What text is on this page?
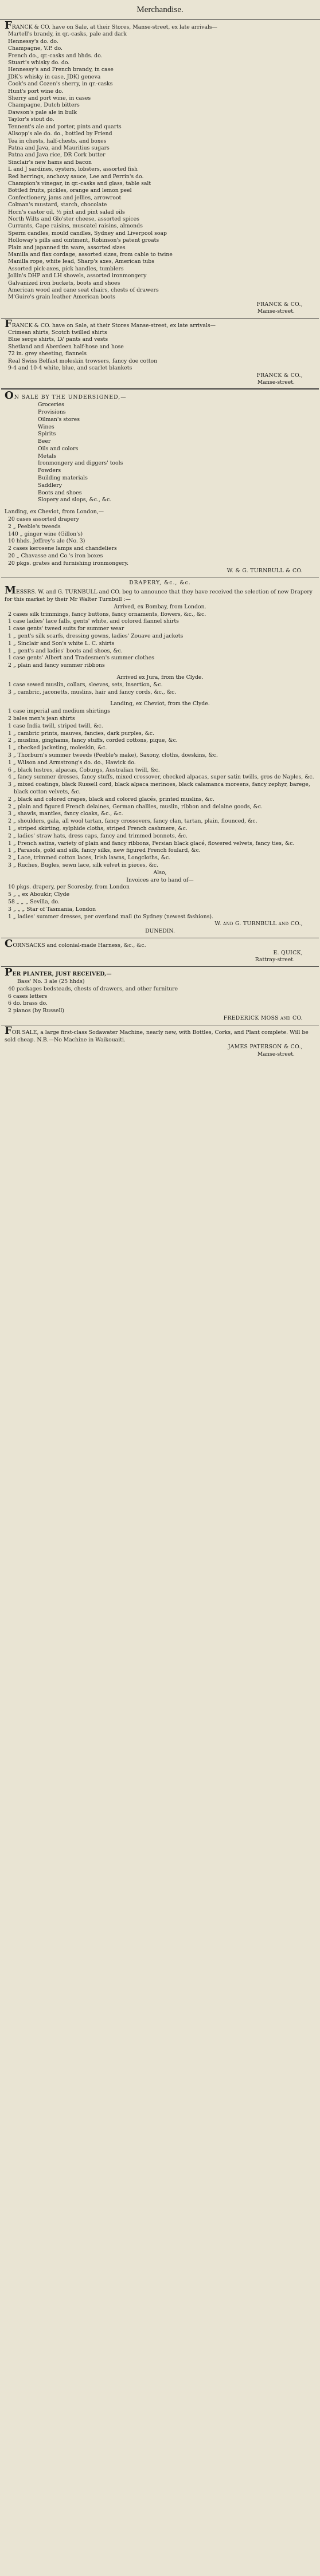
Merchandise.

FRANCK & CO. have on Sale, at their Stores, Manse-street, ex late arrivals—

Martell's brandy, in qr.-casks, pale and dark

Hennessy's do. do.

Champagne, V.P. do.

French do., qr.-casks and hhds. do.

Stuart's whisky do. do.

Hennessy's and French brandy, in case

JDK's whisky in case, JDK) geneva

Cook's and Cozen's sherry, in qr.-casks

Hunt's port wine do.

Sherry and port wine, in cases

Champagne, Dutch bitters

Dawson's pale ale in bulk

Taylor's stout do.

Tennent's ale and porter, pints and quarts

Allsopp's ale do. do., bottled by Friend

Tea in chests, half-chests, and boxes

Patna and Java, and Mauritius sugars

Patna and Java rice, DR Cork butter

Sinclair's new hams and bacon

L and J sardines, oysters, lobsters, assorted fish

Red herrings, anchovy sauce, Lee and Perrin's do.

Champion's vinegar, in qr.-casks and glass, table salt

Bottled fruits, pickles, orange and lemon peel

Confectionery, jams and jellies, arrowroot

Colman's mustard, starch, chocolate

Horn's castor oil, ½ pint and pint salad oils

North Wilts and Glo'ster cheese, assorted spices

Currants, Cape raisins, muscatel raisins, almonds

Sperm candles, mould candles, Sydney and Liverpool soap

Holloway's pills and ointment, Robinson's patent groats

Plain and japanned tin ware, assorted sizes

Manilla and flax cordage, assorted sizes, from cable to twine

Manilla rope, white lead, Sharp's axes, American tubs

Assorted pick-axes, pick handles, tumblers

Jollin's DHP and LH shovels, assorted ironmongery

Galvanized iron buckets, boots and shoes

American wood and cane seat chairs, chests of drawers

M'Guire's grain leather American boots

FRANCK & CO.,

Manse-street.

FRANCK & CO. have on Sale, at their Stores Manse-street, ex late arrivals—

Crimean shirts, Scotch twilled shirts

Blue serge shirts, LV pants and vests

Shetland and Aberdeen half-hose and hose

72 in. grey sheeting, flannels

Real Swiss Belfast moleskin trowsers, fancy doe cotton

9-4 and 10-4 white, blue, and scarlet blankets

FRANCK & CO.,

Manse-street.

ON SALE BY THE UNDERSIGNED,—

Groceries

Provisions

Oilman's stores

Wines

Spirits

Beer

Oils and colors

Metals

Ironmongery and diggers' tools

Powders

Building materials

Saddlery

Boots and shoes

Slopery and slops, &c., &c.

Landing, ex Cheviot, from London,—

20 cases assorted drapery

2 „ Peeble's tweeds

140 „ ginger wine (Gillon's)

10 hhds. Jeffrey's ale (No. 3)

2 cases kerosene lamps and chandeliers

20 „ Chavasse and Co.'s iron boxes

20 pkgs. grates and furnishing ironmongery.

W. & G. TURNBULL & CO.

DRAPERY, &c., &c.

MESSRS. W. and G. TURNBULL and CO. beg to announce that they have received the selection of new Drapery for this market by their Mr Walter Turnbull :—

Arrived, ex Bombay, from London.

2 cases silk trimmings, fancy buttons, fancy ornaments, flowers, &c., &c.

1 case ladies' lace falls, gents' white, and colored flannel shirts

1 case gents' tweed suits for summer wear

1 „ gent's silk scarfs, dressing gowns, ladies' Zouave and jackets

1 „ Sinclair and Son's white L. C. shirts

1 „ gent's and ladies' boots and shoes, &c.

1 case gents' Albert and Tradesmen's summer clothes

2 „ plain and fancy summer ribbons

Arrived ex Jura, from the Clyde.

1 case sewed muslin, collars, sleeves, sets, insertion, &c.

3 „ cambric, jaconetts, muslins, hair and fancy cords, &c., &c.

Landing, ex Cheviot, from the Clyde.

1 case imperial and medium shirtings

2 bales men's jean shirts

1 case India twill, striped twill, &c.

1 „ cambric prints, mauves, fancies, dark purples, &c.

2 „ muslins, ginghams, fancy stuffs, corded cottons, pique, &c.

1 „ checked jacketing, moleskin, &c.

3 „ Thorburn's summer tweeds (Peeble's make), Saxony, cloths, doeskins, &c.

1 „ Wilson and Armstrong's do. do., Hawick do.

6 „ black lustres, alpacas, Coburgs, Australian twill, &c.

4 „ fancy summer dresses, fancy stuffs, mixed crossover, checked alpacas, super satin twills, gros de Naples, &c.

3 „ mixed coatings, black Russell cord, black alpaca merinoes, black calamanca moreens, fancy zephyr, barege, black cotton velvets, &c.

2 „ black and colored crapes, black and colored glacés, printed muslins, &c.

2 „ plain and figured French delaines, German challies, muslin, ribbon and delaine goods, &c.

3 „ shawls, mantles, fancy cloaks, &c., &c.

2 „ shoulders, gala, all wool tartan, fancy crossovers, fancy clan, tartan, plain, flounced, &c.

1 „ striped skirting, sylphide cloths, striped French cashmere, &c.

2 „ ladies' straw hats, dress caps, fancy and trimmed bonnets, &c.

1 „ French satins, variety of plain and fancy ribbons, Persian black glacé, flowered velvets, fancy ties, &c.

1 „ Parasols, gold and silk, fancy silks, new figured French foulard, &c.

2 „ Lace, trimmed cotton laces, Irish lawns, Longcloths, &c.

3 „ Ruches, Bugles, sewn lace, silk velvet in pieces, &c.

Also,

Invoices are to hand of—

10 pkgs. drapery, per Scoresby, from London

5 „ „ ex Aboukir, Clyde

58 „ „ „ Sevilla, do.

3 „ „ „ Star of Tasmania, London

1 „ ladies' summer dresses, per overland mail (to Sydney (newest fashions).

W. and G. TURNBULL and CO.,

DUNEDIN.

CORNSACKS and colonial-made Harness, &c., &c.

E. QUICK,

Rattray-street.

PER PLANTER, JUST RECEIVED,—

Bass' No. 3 ale (25 hhds)

40 packages bedsteads, chests of drawers, and other furniture

6 cases letters

6 do. brass do.

2 pianos (by Russell)

FREDERICK MOSS and CO.

FOR SALE, a large first-class Sodawater Machine, nearly new, with Bottles, Corks, and Plant complete. Will be sold cheap. N.B.—No Machine in Waikouaiti.

JAMES PATERSON & CO.,

Manse-street.
